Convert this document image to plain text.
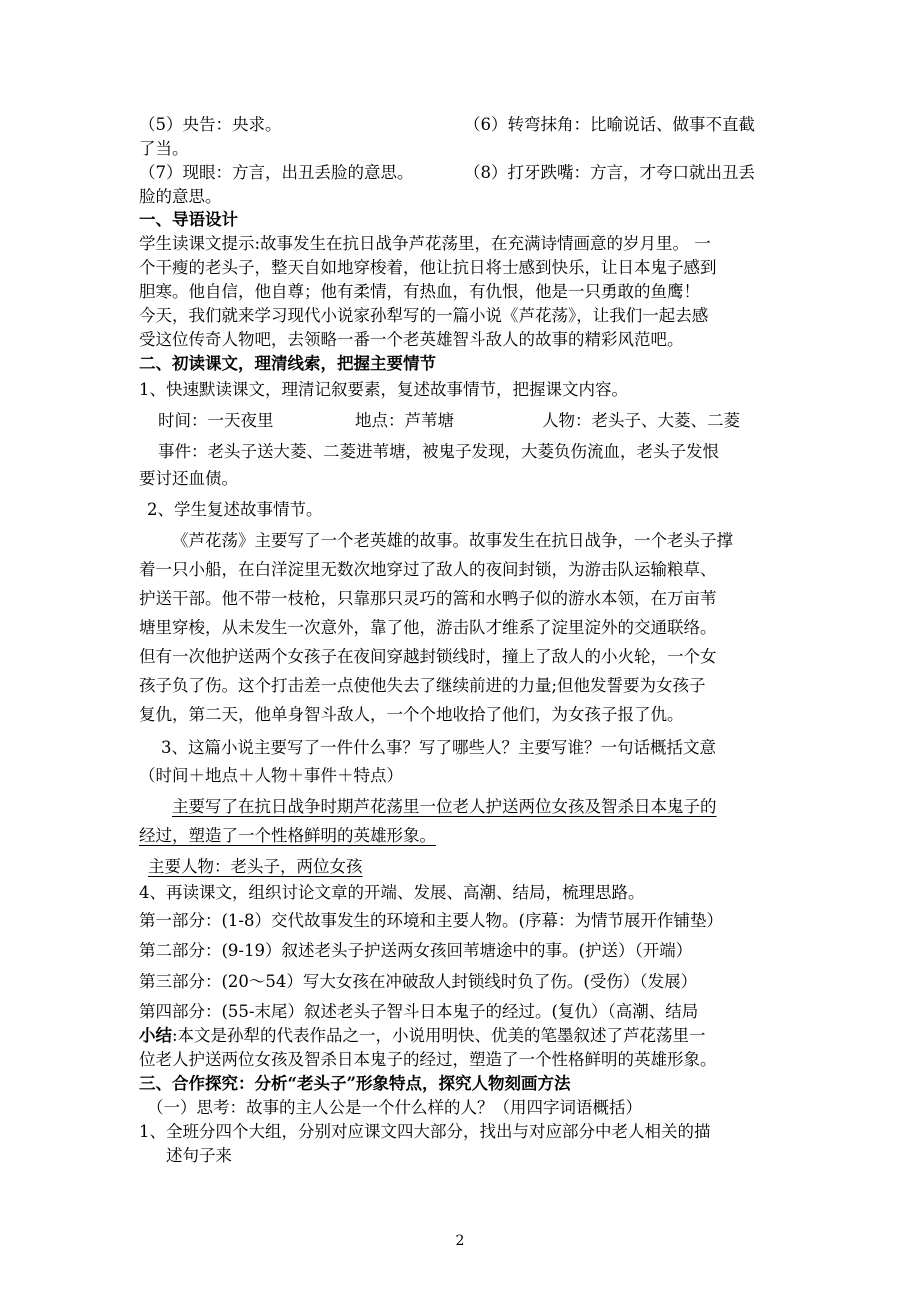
（5）央告：央求。	（6）转弯抹角：比喻说话、做事不直截
了当。
（7）现眼：方言，出丑丢脸的意思。	（8）打牙跌嘴：方言，才夸口就出丑丢
脸的意思。
一、导语设计
学生读课文提示:故事发生在抗日战争芦花荡里，在充满诗情画意的岁月里。 一
个干瘦的老头子，整天自如地穿梭着，他让抗日将士感到快乐，让日本鬼子感到
胆寒。他自信，他自尊；他有柔情，有热血，有仇恨，他是一只勇敢的鱼鹰！
今天，我们就来学习现代小说家孙犁写的一篇小说《芦花荡》，让我们一起去感
受这位传奇人物吧，去领略一番一个老英雄智斗敌人的故事的精彩风范吧。
二、初读课文，理清线索，把握主要情节
1、快速默读课文，理清记叙要素，复述故事情节，把握课文内容。
时间：一天夜里	地点：芦苇塘	人物：老头子、大菱、二菱
事件：老头子送大菱、二菱进苇塘，被鬼子发现，大菱负伤流血，老头子发恨
要讨还血债。
2、学生复述故事情节。
《芦花荡》主要写了一个老英雄的故事。故事发生在抗日战争，一个老头子撑
着一只小船，在白洋淀里无数次地穿过了敌人的夜间封锁，为游击队运输粮草、
护送干部。他不带一枝枪，只靠那只灵巧的篙和水鸭子似的游水本领，在万亩苇
塘里穿梭，从未发生一次意外，靠了他，游击队才维系了淀里淀外的交通联络。
但有一次他护送两个女孩子在夜间穿越封锁线时，撞上了敌人的小火轮，一个女
孩子负了伤。这个打击差一点使他失去了继续前进的力量;但他发誓要为女孩子
复仇，第二天，他单身智斗敌人，一个个地收拾了他们，为女孩子报了仇。
3、这篇小说主要写了一件什么事？写了哪些人？主要写谁？一句话概括文意
（时间＋地点＋人物＋事件＋特点）
主要写了在抗日战争时期芦花荡里一位老人护送两位女孩及智杀日本鬼子的
经过，塑造了一个性格鲜明的英雄形象。
主要人物：老头子，两位女孩
4、再读课文，组织讨论文章的开端、发展、高潮、结局，梳理思路。
第一部分：(1-8）交代故事发生的环境和主要人物。(序幕：为情节展开作铺垫）
第二部分：(9-19）叙述老头子护送两女孩回苇塘途中的事。(护送）（开端）
第三部分：(20～54）写大女孩在冲破敌人封锁线时负了伤。(受伤）（发展）
第四部分：(55-末尾）叙述老头子智斗日本鬼子的经过。(复仇）（高潮、结局
小结:本文是孙犁的代表作品之一，小说用明快、优美的笔墨叙述了芦花荡里一
位老人护送两位女孩及智杀日本鬼子的经过，塑造了一个性格鲜明的英雄形象。
三、合作探究：分析“老头子”形象特点，探究人物刻画方法
（一）思考：故事的主人公是一个什么样的人？（用四字词语概括）
1、全班分四个大组，分别对应课文四大部分，找出与对应部分中老人相关的描
述句子来
2
